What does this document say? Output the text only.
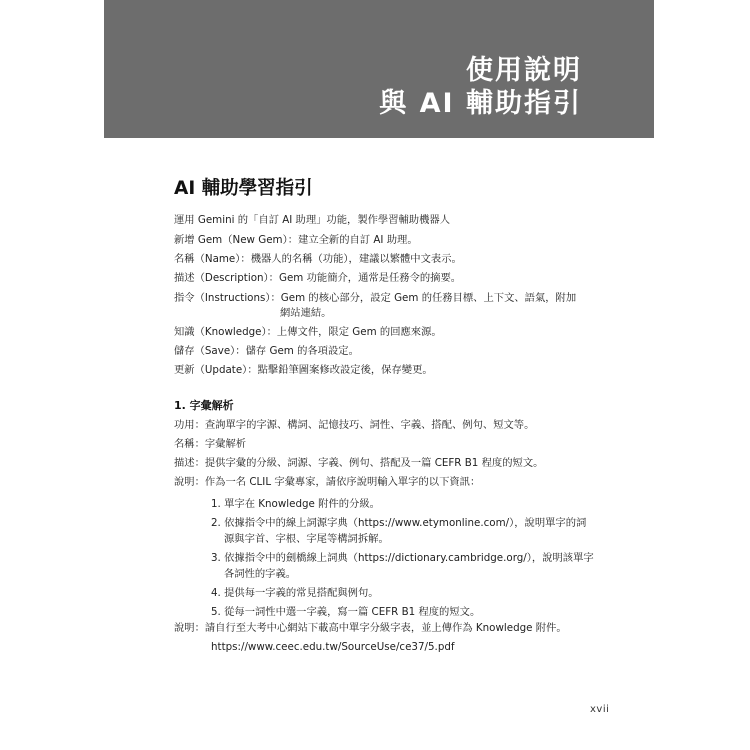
使用說明
與 AI 輔助指引
AI 輔助學習指引
運用 Gemini 的「自訂 AI 助理」功能，製作學習輔助機器人
新增 Gem（New Gem）：建立全新的自訂 AI 助理。
名稱（Name）：機器人的名稱（功能），建議以繁體中文表示。
描述（Description）：Gem 功能簡介，通常是任務令的摘要。
指令（Instructions）：Gem 的核心部分，設定 Gem 的任務目標、上下文、語氣，附加
網站連結。
知識（Knowledge）：上傳文件，限定 Gem 的回應來源。
儲存（Save）：儲存 Gem 的各項設定。
更新（Update）：點擊鉛筆圖案修改設定後，保存變更。
1. 字彙解析
功用：查詢單字的字源、構詞、記憶技巧、詞性、字義、搭配、例句、短文等。
名稱：字彙解析
描述：提供字彙的分級、詞源、字義、例句、搭配及一篇 CEFR B1 程度的短文。
說明：作為一名 CLIL 字彙專家，請依序說明輸入單字的以下資訊：
1. 單字在 Knowledge 附件的分級。
2. 依據指令中的線上詞源字典（https://www.etymonline.com/），說明單字的詞
源與字首、字根、字尾等構詞拆解。
3. 依據指令中的劍橋線上詞典（https://dictionary.cambridge.org/），說明該單字
各詞性的字義。
4. 提供每一字義的常見搭配與例句。
5. 從每一詞性中選一字義，寫一篇 CEFR B1 程度的短文。
說明：請自行至大考中心網站下載高中單字分級字表，並上傳作為 Knowledge 附件。
https://www.ceec.edu.tw/SourceUse/ce37/5.pdf
xvii
